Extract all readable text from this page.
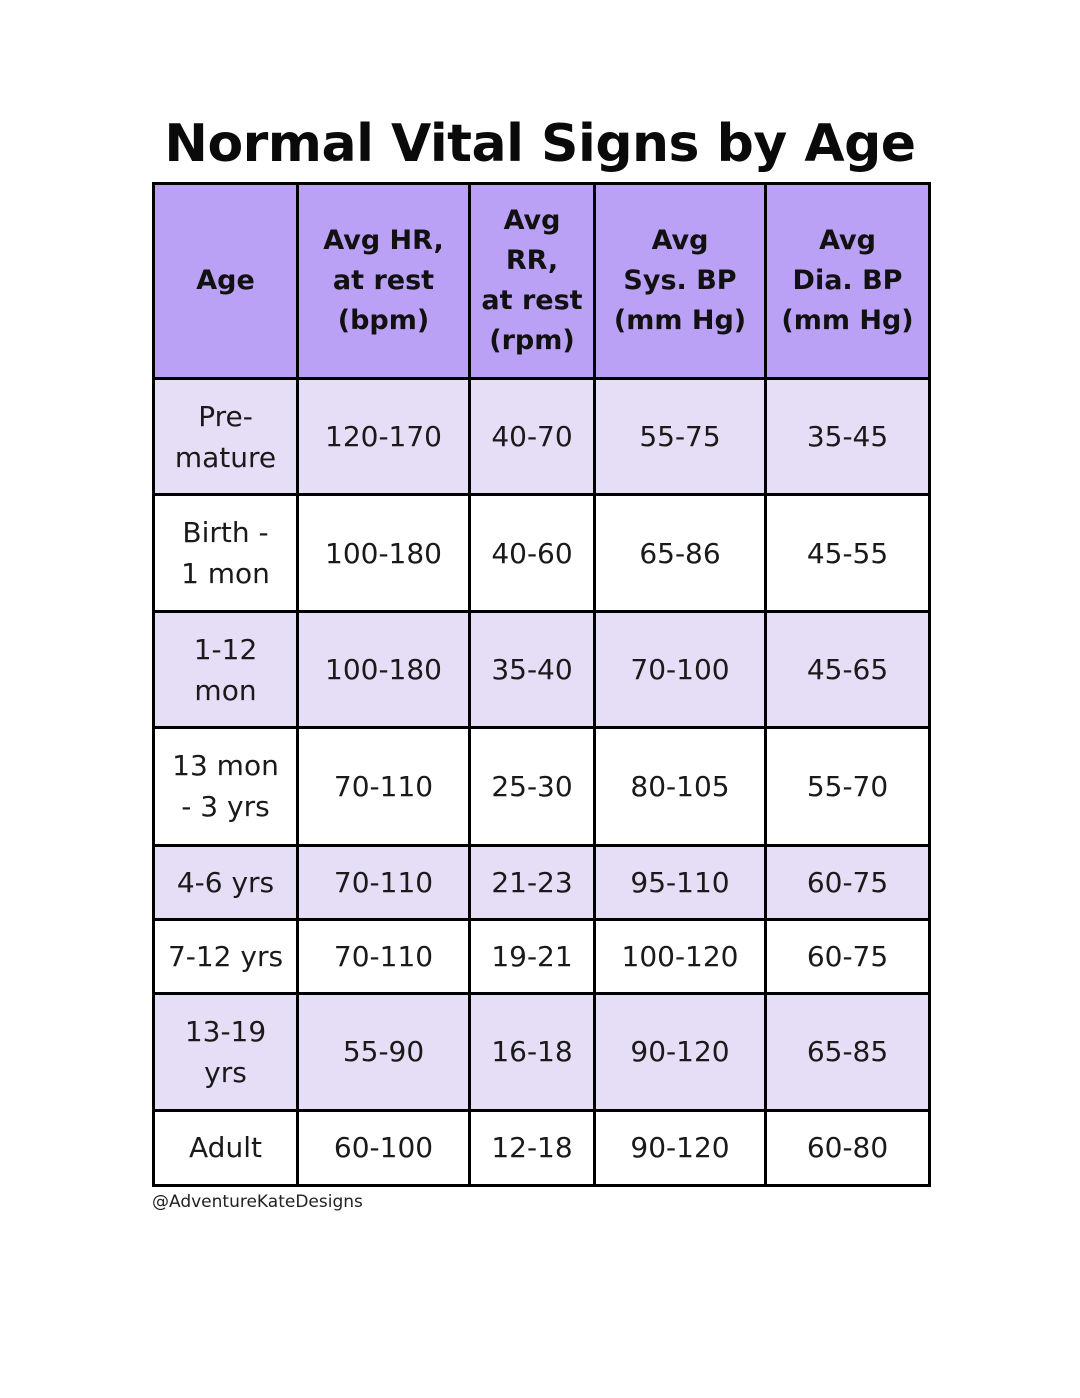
Normal Vital Signs by Age
Age	Avg HR,
at rest
(bpm)	Avg
RR,
at rest
(rpm)	Avg
Sys. BP
(mm Hg)	Avg
Dia. BP
(mm Hg)

Pre-
mature	120-170	40-70	55-75	35-45

Birth -
1 mon	100-180	40-60	65-86	45-55

1-12
mon	100-180	35-40	70-100	45-65

13 mon
- 3 yrs	70-110	25-30	80-105	55-70

4-6 yrs	70-110	21-23	95-110	60-75

7-12 yrs	70-110	19-21	100-120	60-75

13-19
yrs	55-90	16-18	90-120	65-85

Adult	60-100	12-18	90-120	60-80
@AdventureKateDesigns
